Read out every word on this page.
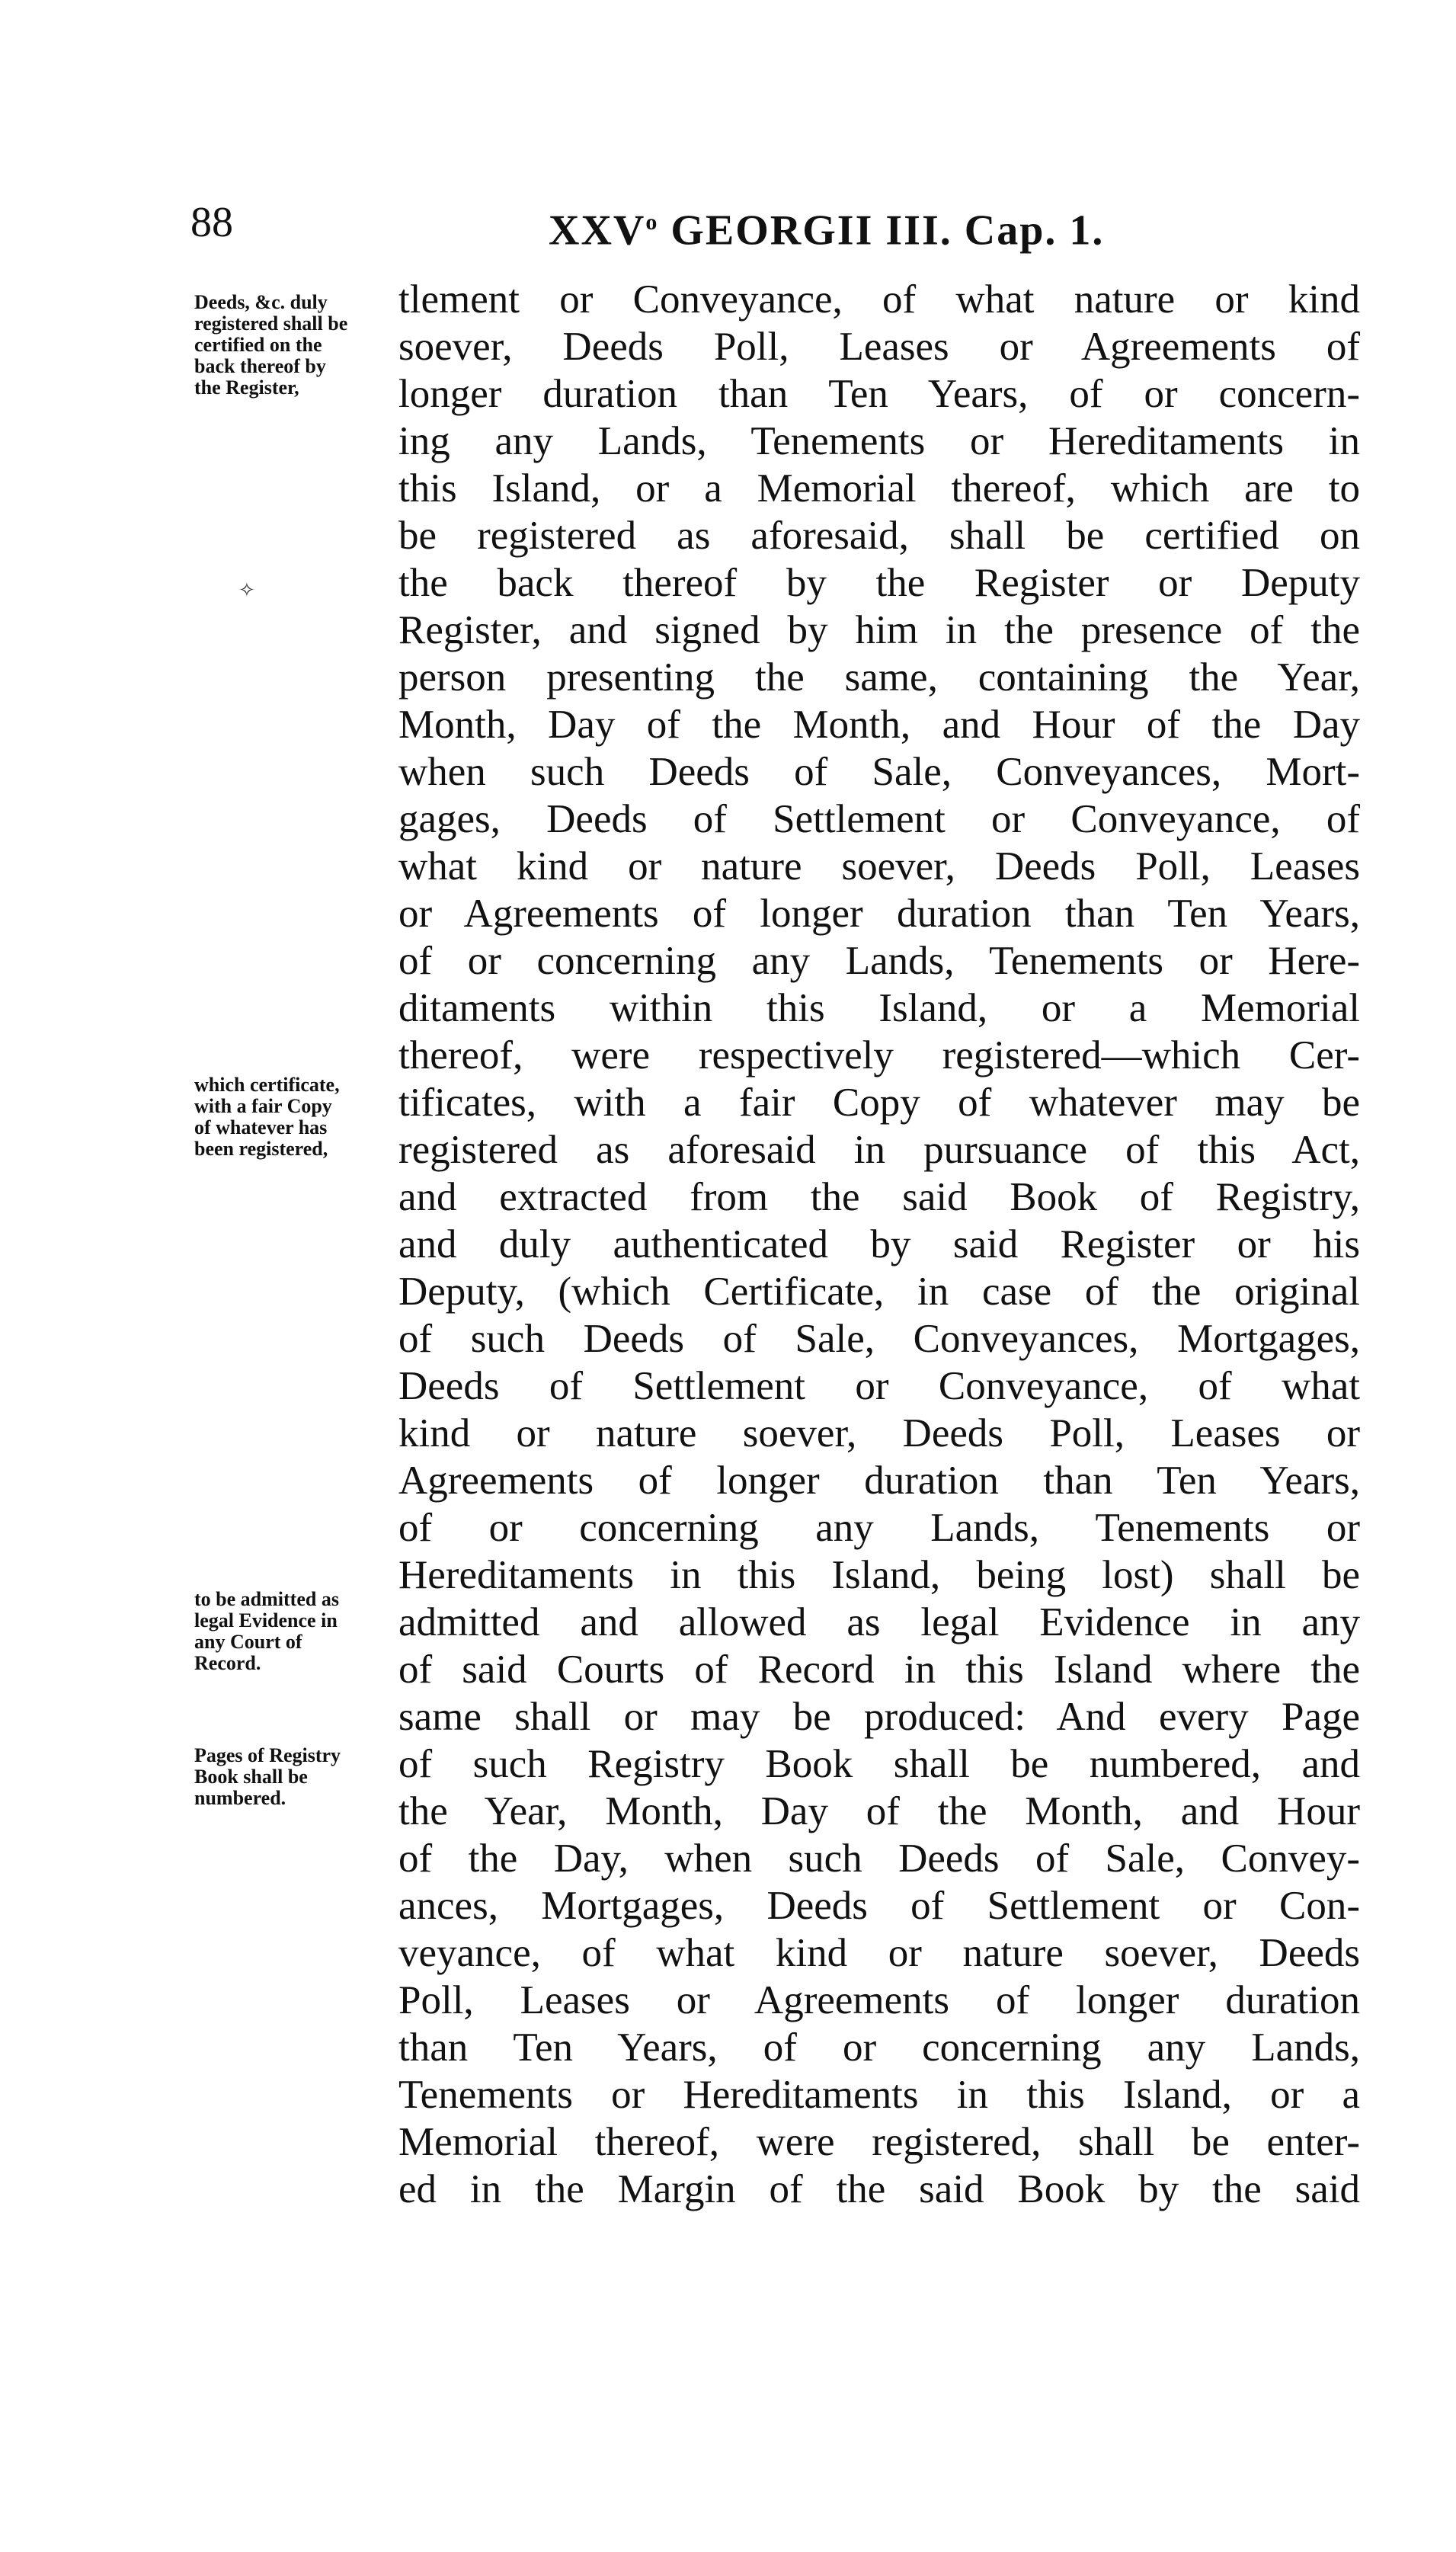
88	XXV$^o$ GEORGII III. Cap. 1.
Deeds, &c. duly
registered shall be
certified on the
back thereof by
the Register,
✧
which certificate,
with a fair Copy
of whatever has
been registered,
to be admitted as
legal Evidence in
any Court of
Record.
Pages of Registry
Book shall be
numbered.
tlement or Conveyance, of what nature or kind
soever, Deeds Poll, Leases or Agreements of
longer duration than Ten Years, of or concern-
ing any Lands, Tenements or Hereditaments in
this Island, or a Memorial thereof, which are to
be registered as aforesaid, shall be certified on
the back thereof by the Register or Deputy
Register, and signed by him in the presence of the
person presenting the same, containing the Year,
Month, Day of the Month, and Hour of the Day
when such Deeds of Sale, Conveyances, Mort-
gages, Deeds of Settlement or Conveyance, of
what kind or nature soever, Deeds Poll, Leases
or Agreements of longer duration than Ten Years,
of or concerning any Lands, Tenements or Here-
ditaments within this Island, or a Memorial
thereof, were respectively registered—which Cer-
tificates, with a fair Copy of whatever may be
registered as aforesaid in pursuance of this Act,
and extracted from the said Book of Registry,
and duly authenticated by said Register or his
Deputy, (which Certificate, in case of the original
of such Deeds of Sale, Conveyances, Mortgages,
Deeds of Settlement or Conveyance, of what
kind or nature soever, Deeds Poll, Leases or
Agreements of longer duration than Ten Years,
of or concerning any Lands, Tenements or
Hereditaments in this Island, being lost) shall be
admitted and allowed as legal Evidence in any
of said Courts of Record in this Island where the
same shall or may be produced: And every Page
of such Registry Book shall be numbered, and
the Year, Month, Day of the Month, and Hour
of the Day, when such Deeds of Sale, Convey-
ances, Mortgages, Deeds of Settlement or Con-
veyance, of what kind or nature soever, Deeds
Poll, Leases or Agreements of longer duration
than Ten Years, of or concerning any Lands,
Tenements or Hereditaments in this Island, or a
Memorial thereof, were registered, shall be enter-
ed in the Margin of the said Book by the said
